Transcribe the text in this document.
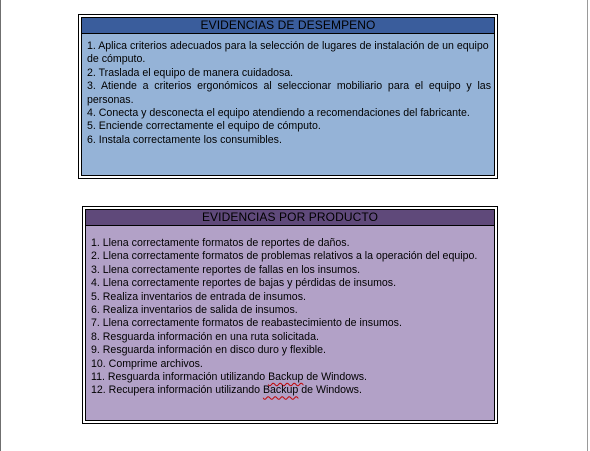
EVIDENCIAS DE DESEMPENO

1. Aplica criterios adecuados para la selección de lugares de instalación de un equipo de cómputo.

2. Traslada el equipo de manera cuidadosa.

3. Atiende a criterios ergonómicos al seleccionar mobiliario para el equipo y las personas.

4. Conecta y desconecta el equipo atendiendo a recomendaciones del fabricante.

5. Enciende correctamente el equipo de cómputo.

6. Instala correctamente los consumibles.

EVIDENCIAS POR PRODUCTO

1. Llena correctamente formatos de reportes de daños.

2. Llena correctamente formatos de problemas relativos a la operación del equipo.

3. Llena correctamente reportes de fallas en los insumos.

4. Llena correctamente reportes de bajas y pérdidas de insumos.

5. Realiza inventarios de entrada de insumos.

6. Realiza inventarios de salida de insumos.

7. Llena correctamente formatos de reabastecimiento de insumos.

8. Resguarda información en una ruta solicitada.

9. Resguarda información en disco duro y flexible.

10. Comprime archivos.

11. Resguarda información utilizando Backup de Windows.

12. Recupera información utilizando Backup de Windows.
